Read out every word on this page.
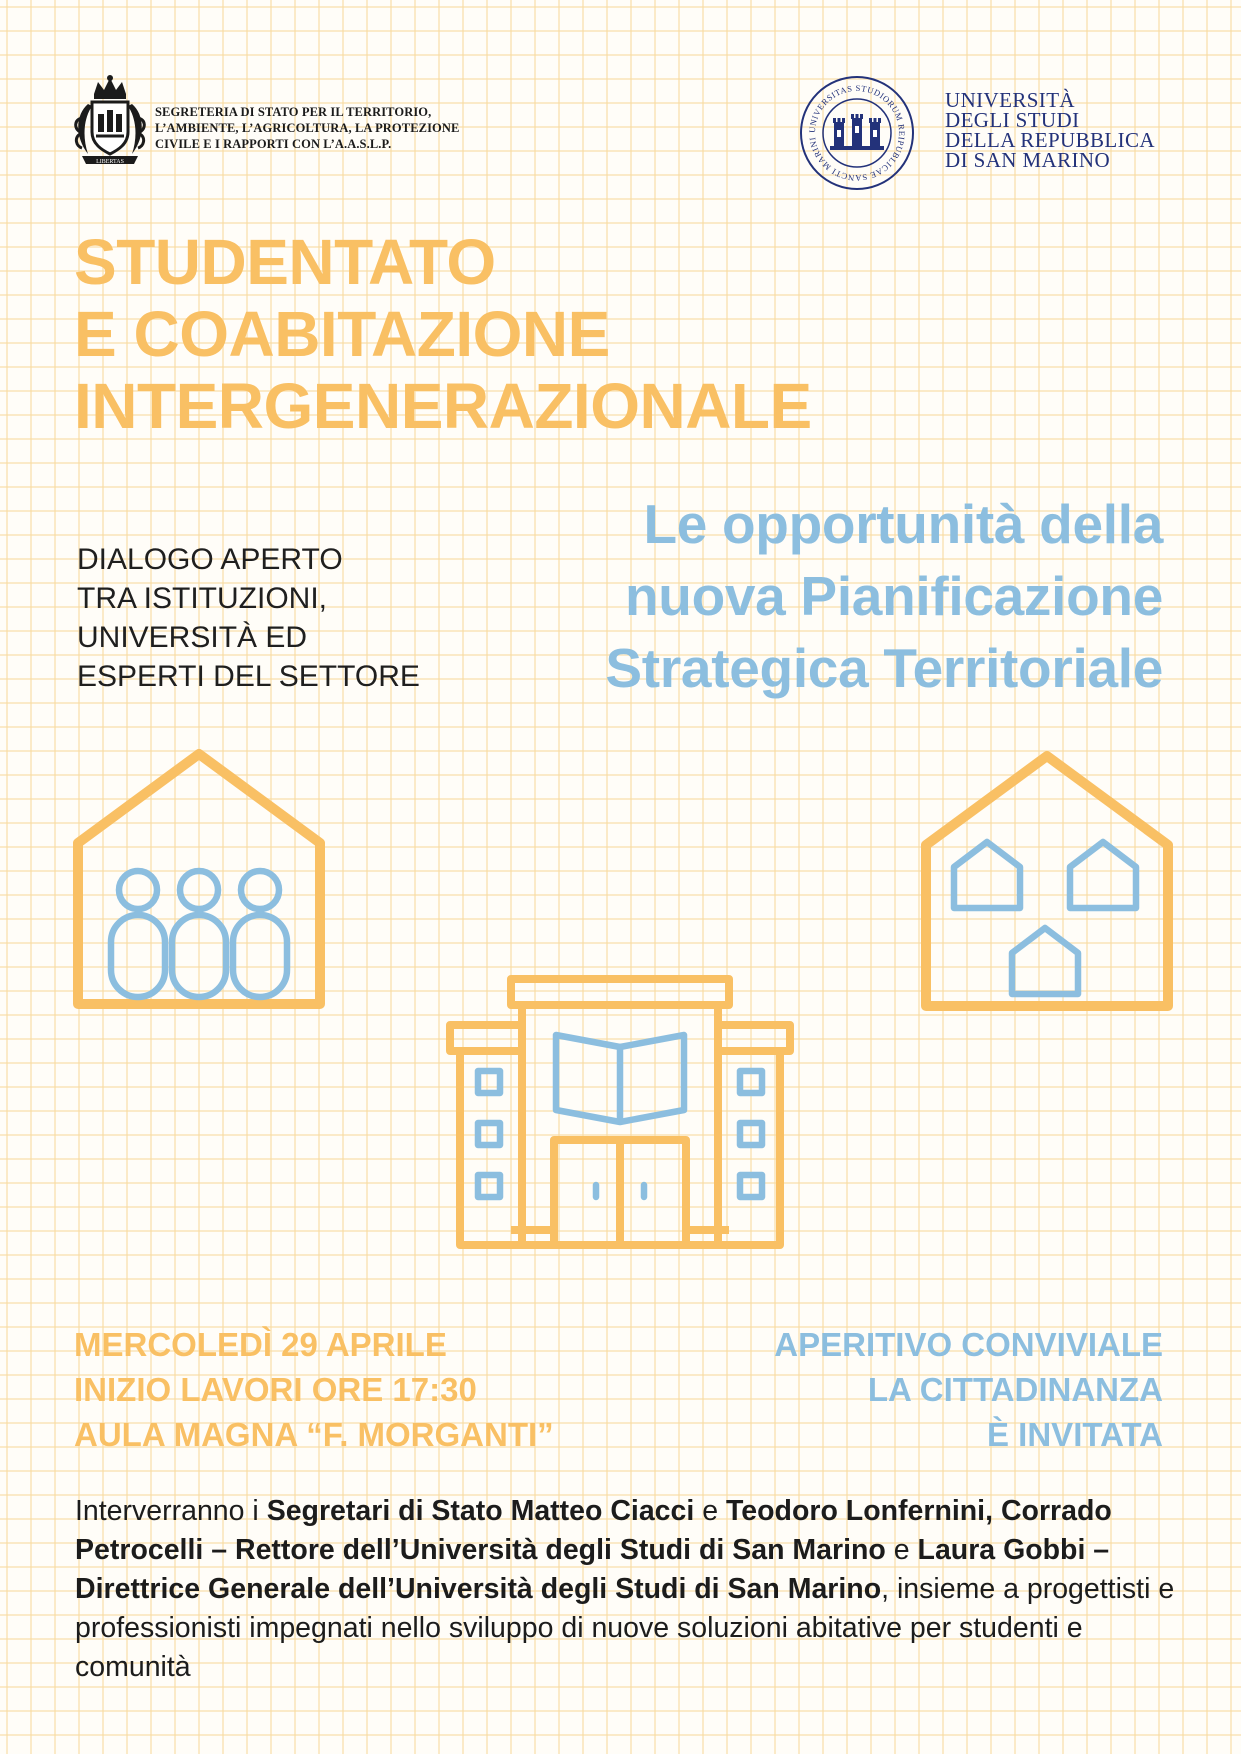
LIBERTAS
SEGRETERIA DI STATO PER IL TERRITORIO,
L’AMBIENTE, L’AGRICOLTURA, LA PROTEZIONE
CIVILE E I RAPPORTI CON L’A.A.S.L.P.
UNIVERSITAS STUDIORUM REIPUBLICAE SANCTI MARINI
UNIVERSITÀ
DEGLI STUDI
DELLA REPUBBLICA
DI SAN MARINO
STUDENTATO
E COABITAZIONE
INTERGENERAZIONALE
DIALOGO APERTO
TRA ISTITUZIONI,
UNIVERSITÀ ED
ESPERTI DEL SETTORE
Le opportunità della
nuova Pianificazione
Strategica Territoriale
MERCOLEDÌ 29 APRILE
INIZIO LAVORI ORE 17:30
AULA MAGNA “F. MORGANTI”
APERITIVO CONVIVIALE
LA CITTADINANZA
È INVITATA
Interverranno i Segretari di Stato Matteo Ciacci e Teodoro Lonfernini, Corrado Petrocelli – Rettore dell’Università degli Studi di San Marino e Laura Gobbi – Direttrice Generale dell’Università degli Studi di San Marino, insieme a progettisti e professionisti impegnati nello sviluppo di nuove soluzioni abitative per studenti e comunità
